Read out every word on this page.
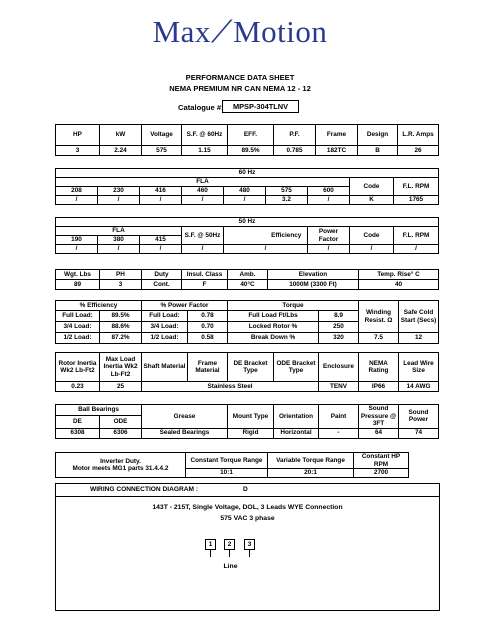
Max⟋Motion
PERFORMANCE DATA SHEET
NEMA PREMIUM NR CAN NEMA 12 - 12
Catalogue #:	MPSP-304TLNV
HP	kW	Voltage	S.F. @ 60Hz	EFF.	P.F.	Frame	Design	L.R. Amps
3	2.24	575	1.15	89.5%	0.785	182TC	B	26
60 Hz								
FLA							Code	F.L. RPM
208	230	416	460	480	575	600		
/	/	/	/	/	3.2	/	K	1765
50 Hz								
FLA			S.F. @ 50Hz		Efficiency	Power Factor	Code	F.L. RPM
190	380	415						
/	/	/	/	/		/	/	/
Wgt. Lbs	PH	Duty	Insul. Class	Amb.	Elevation	Temp. Rise° C
89	3	Cont.	F	40°C	1000M (3300 Ft)	40
% Efficiency		% Power Factor		Torque		Winding Resist. Ω	Safe Cold Start (Secs)
Full Load:	89.5%	Full Load:	0.78	Full Load Ft/Lbs	8.9		
3/4 Load:	88.6%	3/4 Load:	0.70	Locked Rotor %	250		
1/2 Load:	87.2%	1/2 Load:	0.58	Break Down %	320	7.5	12
Rotor Inertia Wk2 Lb-Ft2	Max Load Inertia Wk2 Lb-Ft2	Shaft Material	Frame Material	DE Bracket Type	ODE Bracket Type	Enclosure	NEMA Rating	Lead Wire Size
0.23	25	Stainless Steel				TENV	IP66	14 AWG
Ball Bearings		Grease	Mount Type	Orientation	Paint	Sound Pressure @ 3FT	Sound Power
DE	ODE						
6308	6306	Sealed Bearings	Rigid	Horizontal	-	64	74
Inverter Duty.
Motor meets MG1 parts 31.4.4.2	Constant Torque Range	Variable Torque Range	Constant HP RPM
	10:1	20:1	2700
WIRING CONNECTION DIAGRAM :	D
143T - 215T, Single Voltage, DOL, 3 Leads WYE Connection
575 VAC 3 phase
1	2	3
Line
